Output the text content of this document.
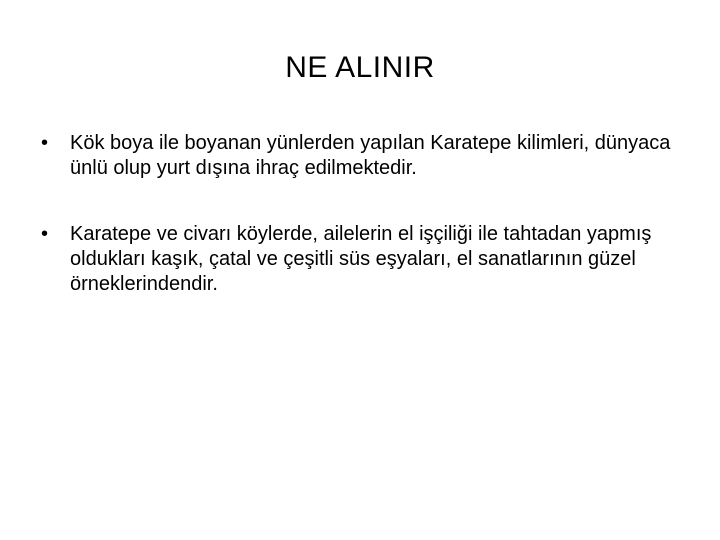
NE ALINIR
• Kök boya ile boyanan yünlerden yapılan Karatepe kilimleri, dünyaca ünlü olup yurt dışına ihraç edilmektedir.
• Karatepe ve civarı köylerde, ailelerin el işçiliği ile tahtadan yapmış oldukları kaşık, çatal ve çeşitli süs eşyaları, el sanatlarının güzel örneklerindendir.
